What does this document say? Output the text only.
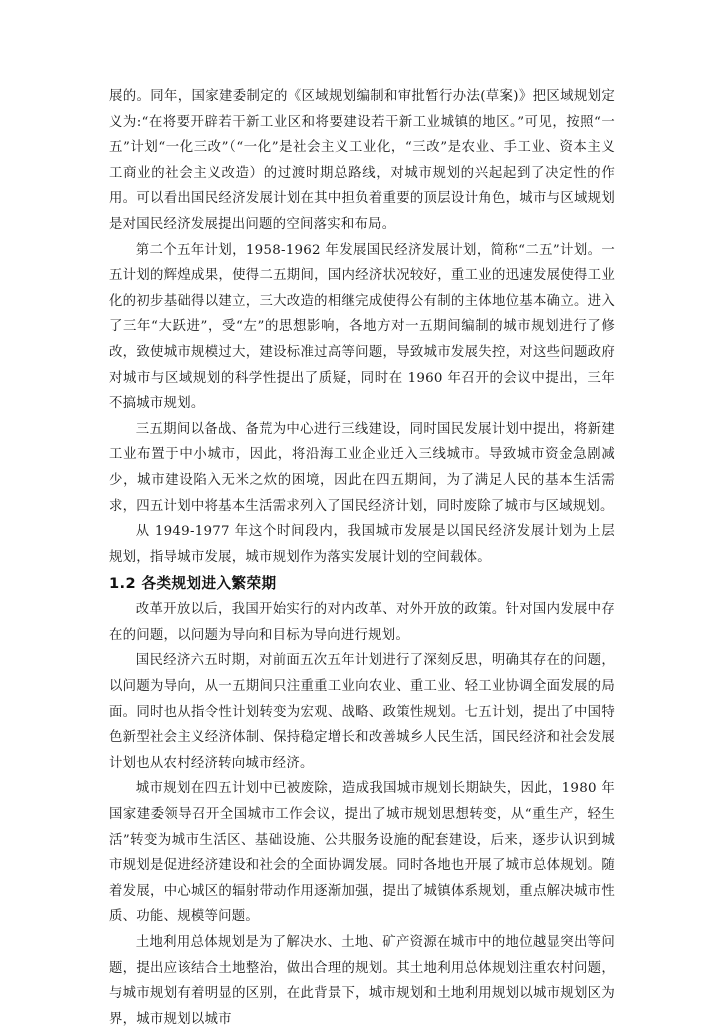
展的。同年，国家建委制定的《区域规划编制和审批暂行办法(草案)》把区域规划定义为:“在将要开辟若干新工业区和将要建设若干新工业城镇的地区。”可见，按照“一五”计划“一化三改”（“一化”是社会主义工业化，“三改”是农业、手工业、资本主义工商业的社会主义改造）的过渡时期总路线，对城市规划的兴起起到了决定性的作用。可以看出国民经济发展计划在其中担负着重要的顶层设计角色，城市与区域规划是对国民经济发展提出问题的空间落实和布局。

第二个五年计划，1958-1962 年发展国民经济发展计划，简称“二五”计划。一五计划的辉煌成果，使得二五期间，国内经济状况较好，重工业的迅速发展使得工业化的初步基础得以建立，三大改造的相继完成使得公有制的主体地位基本确立。进入了三年“大跃进”，受“左”的思想影响，各地方对一五期间编制的城市规划进行了修改，致使城市规模过大，建设标准过高等问题，导致城市发展失控，对这些问题政府对城市与区域规划的科学性提出了质疑，同时在 1960 年召开的会议中提出，三年不搞城市规划。

三五期间以备战、备荒为中心进行三线建设，同时国民发展计划中提出，将新建工业布置于中小城市，因此，将沿海工业企业迁入三线城市。导致城市资金急剧减少，城市建设陷入无米之炊的困境，因此在四五期间，为了满足人民的基本生活需求，四五计划中将基本生活需求列入了国民经济计划，同时废除了城市与区域规划。

从 1949-1977 年这个时间段内，我国城市发展是以国民经济发展计划为上层规划，指导城市发展，城市规划作为落实发展计划的空间载体。

1.2 各类规划进入繁荣期

改革开放以后，我国开始实行的对内改革、对外开放的政策。针对国内发展中存在的问题，以问题为导向和目标为导向进行规划。

国民经济六五时期，对前面五次五年计划进行了深刻反思，明确其存在的问题，以问题为导向，从一五期间只注重重工业向农业、重工业、轻工业协调全面发展的局面。同时也从指令性计划转变为宏观、战略、政策性规划。七五计划，提出了中国特色新型社会主义经济体制、保持稳定增长和改善城乡人民生活，国民经济和社会发展计划也从农村经济转向城市经济。

城市规划在四五计划中已被废除，造成我国城市规划长期缺失，因此，1980 年国家建委领导召开全国城市工作会议，提出了城市规划思想转变，从“重生产，轻生活”转变为城市生活区、基础设施、公共服务设施的配套建设，后来，逐步认识到城市规划是促进经济建设和社会的全面协调发展。同时各地也开展了城市总体规划。随着发展，中心城区的辐射带动作用逐渐加强，提出了城镇体系规划，重点解决城市性质、功能、规模等问题。

土地利用总体规划是为了解决水、土地、矿产资源在城市中的地位越显突出等问题，提出应该结合土地整治，做出合理的规划。其土地利用总体规划注重农村问题，与城市规划有着明显的区别，在此背景下，城市规划和土地利用规划以城市规划区为界，城市规划以城市
